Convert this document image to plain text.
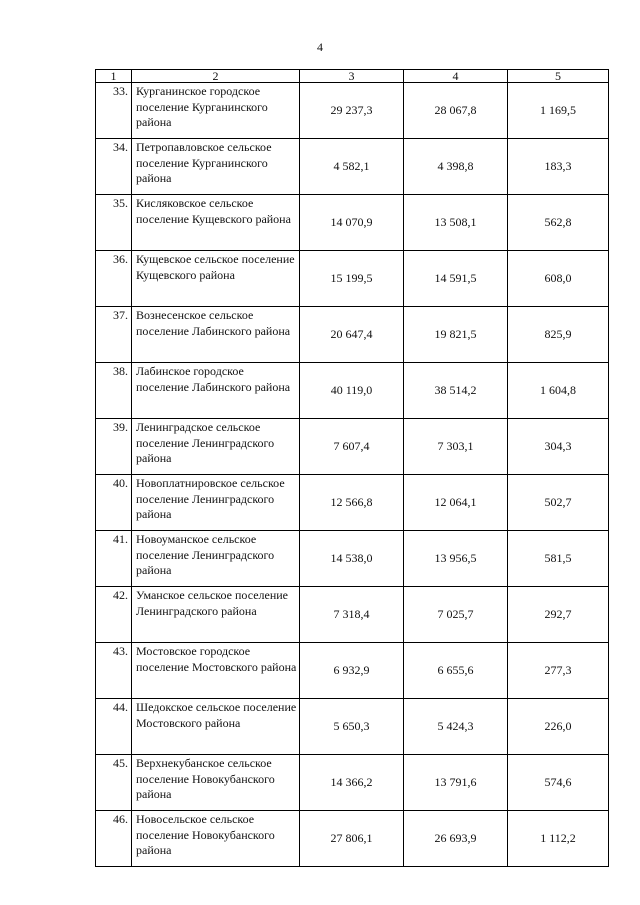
4
1	2	3	4	5
33.	Курганинское городское поселение Курганинского района	29 237,3	28 067,8	1 169,5
34.	Петропавловское сельское поселение Курганинского района	4 582,1	4 398,8	183,3
35.	Кисляковское сельское поселение Кущевского района	14 070,9	13 508,1	562,8
36.	Кущевское сельское поселение Кущевского района	15 199,5	14 591,5	608,0
37.	Вознесенское сельское поселение Лабинского района	20 647,4	19 821,5	825,9
38.	Лабинское городское поселение Лабинского района	40 119,0	38 514,2	1 604,8
39.	Ленинградское сельское поселение Ленинградского района	7 607,4	7 303,1	304,3
40.	Новоплатнировское сельское поселение Ленинградского района	12 566,8	12 064,1	502,7
41.	Новоуманское сельское поселение Ленинградского района	14 538,0	13 956,5	581,5
42.	Уманское сельское поселение Ленинградского района	7 318,4	7 025,7	292,7
43.	Мостовское городское поселение Мостовского района	6 932,9	6 655,6	277,3
44.	Шедокское сельское поселение Мостовского района	5 650,3	5 424,3	226,0
45.	Верхнекубанское сельское поселение Новокубанского района	14 366,2	13 791,6	574,6
46.	Новосельское сельское поселение Новокубанского района	27 806,1	26 693,9	1 112,2
